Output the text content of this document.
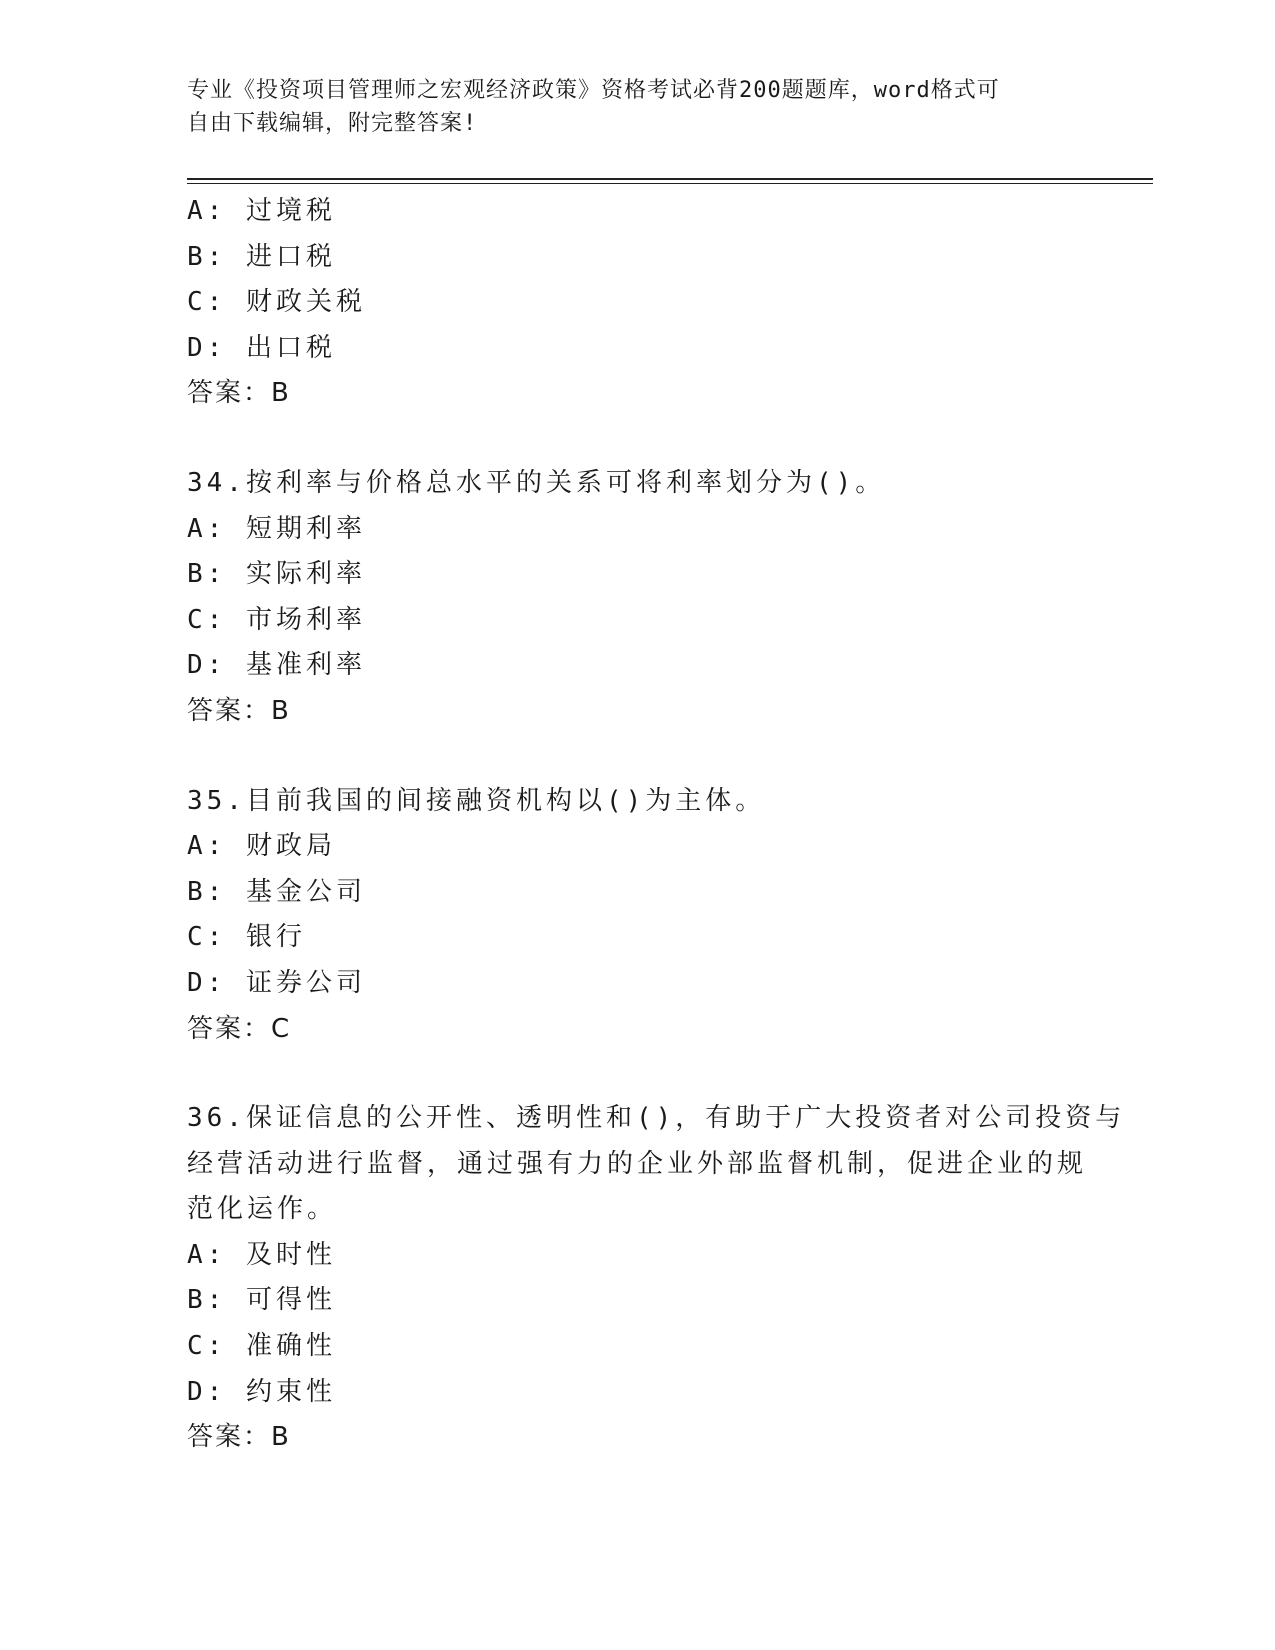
专业《投资项目管理师之宏观经济政策》资格考试必背200题题库，word格式可
自由下载编辑，附完整答案!
A: 过境税
B: 进口税
C: 财政关税
D: 出口税
答案：B
34.按利率与价格总水平的关系可将利率划分为()。
A: 短期利率
B: 实际利率
C: 市场利率
D: 基准利率
答案：B
35.目前我国的间接融资机构以()为主体。
A: 财政局
B: 基金公司
C: 银行
D: 证券公司
答案：C
36.保证信息的公开性、透明性和()，有助于广大投资者对公司投资与
经营活动进行监督，通过强有力的企业外部监督机制，促进企业的规
范化运作。
A: 及时性
B: 可得性
C: 准确性
D: 约束性
答案：B
